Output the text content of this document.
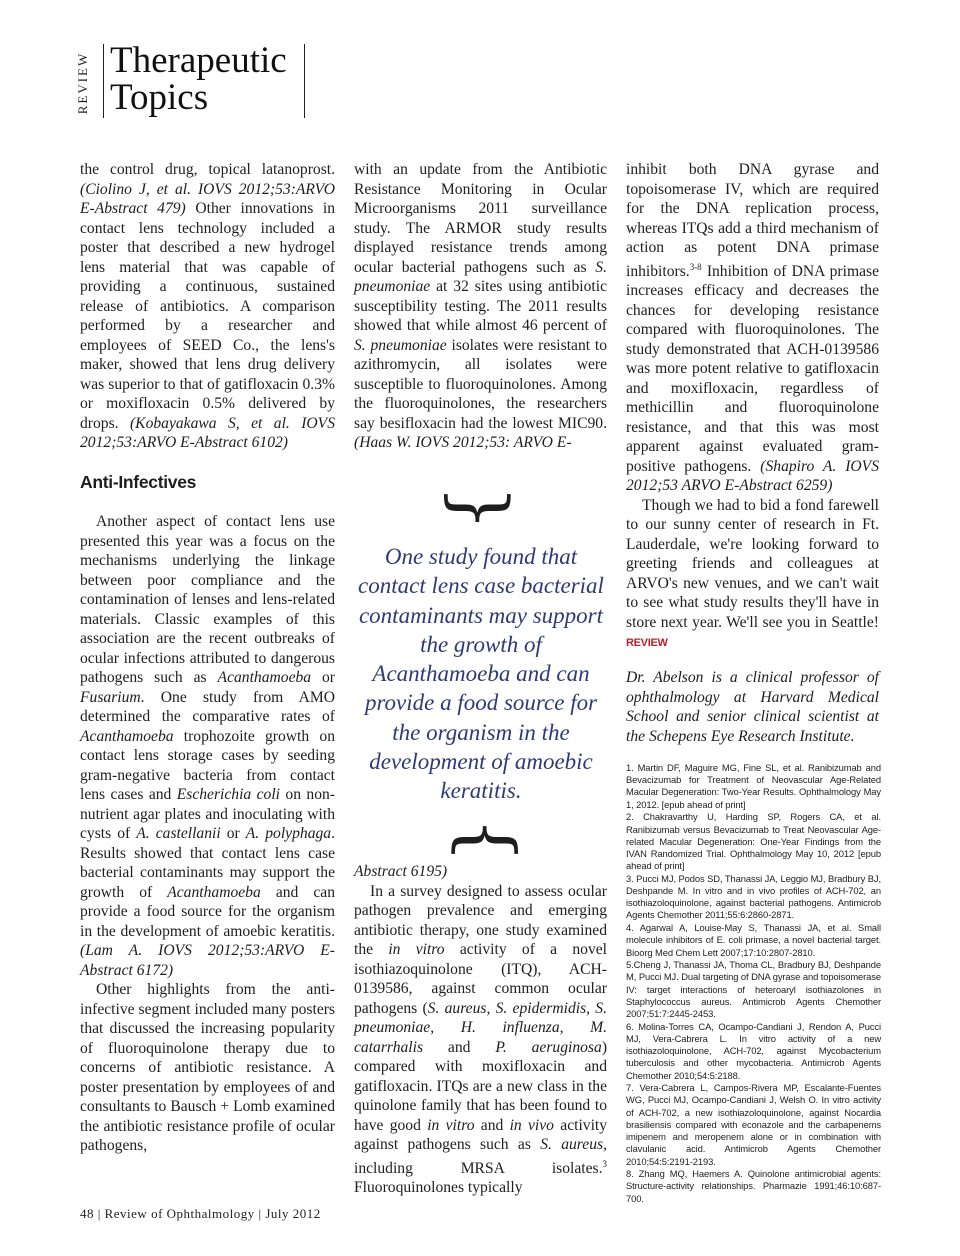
REVIEW Therapeutic
Topics

the control drug, topical latanoprost. (Ciolino J, et al. IOVS 2012;53:ARVO E-Abstract 479) Other innovations in contact lens technology included a poster that described a new hydrogel lens material that was capable of providing a continuous, sustained release of antibiotics. A comparison performed by a researcher and employees of SEED Co., the lens's maker, showed that lens drug delivery was superior to that of gatifloxacin 0.3% or moxifloxacin 0.5% delivered by drops. (Kobayakawa S, et al. IOVS 2012;53:ARVO E-Abstract 6102)

Anti-Infectives

Another aspect of contact lens use presented this year was a focus on the mechanisms underlying the linkage between poor compliance and the contamination of lenses and lens-related materials. Classic examples of this association are the recent outbreaks of ocular infections attributed to dangerous pathogens such as Acanthamoeba or Fusarium. One study from AMO determined the comparative rates of Acanthamoeba trophozoite growth on contact lens storage cases by seeding gram-negative bacteria from contact lens cases and Escherichia coli on non-nutrient agar plates and inoculating with cysts of A. castellanii or A. polyphaga. Results showed that contact lens case bacterial contaminants may support the growth of Acanthamoeba and can provide a food source for the organism in the development of amoebic keratitis. (Lam A. IOVS 2012;53:ARVO E-Abstract 6172)

Other highlights from the anti-infective segment included many posters that discussed the increasing popularity of fluoroquinolone therapy due to concerns of antibiotic resistance. A poster presentation by employees of and consultants to Bausch + Lomb examined the antibiotic resistance profile of ocular pathogens,

with an update from the Antibiotic Resistance Monitoring in Ocular Microorganisms 2011 surveillance study. The ARMOR study results displayed resistance trends among ocular bacterial pathogens such as S. pneumoniae at 32 sites using antibiotic susceptibility testing. The 2011 results showed that while almost 46 percent of S. pneumoniae isolates were resistant to azithromycin, all isolates were susceptible to fluoroquinolones. Among the fluoroquinolones, the researchers say besifloxacin had the lowest MIC90. (Haas W. IOVS 2012;53: ARVO E-

}
One study found that contact lens case bacterial contaminants may support the growth of Acanthamoeba and can provide a food source for the organism in the development of amoebic keratitis.
}

Abstract 6195)

In a survey designed to assess ocular pathogen prevalence and emerging antibiotic therapy, one study examined the in vitro activity of a novel isothiazoquinolone (ITQ), ACH-0139586, against common ocular pathogens (S. aureus, S. epidermidis, S. pneumoniae, H. influenza, M. catarrhalis and P. aeruginosa) compared with moxifloxacin and gatifloxacin. ITQs are a new class in the quinolone family that has been found to have good in vitro and in vivo activity against pathogens such as S. aureus, including MRSA isolates.$^3$ Fluoroquinolones typically

inhibit both DNA gyrase and topoisomerase IV, which are required for the DNA replication process, whereas ITQs add a third mechanism of action as potent DNA primase inhibitors.$^{3-8}$ Inhibition of DNA primase increases efficacy and decreases the chances for developing resistance compared with fluoroquinolones. The study demonstrated that ACH-0139586 was more potent relative to gatifloxacin and moxifloxacin, regardless of methicillin and fluoroquinolone resistance, and that this was most apparent against evaluated gram-positive pathogens. (Shapiro A. IOVS 2012;53 ARVO E-Abstract 6259)

Though we had to bid a fond farewell to our sunny center of research in Ft. Lauderdale, we're looking forward to greeting friends and colleagues at ARVO's new venues, and we can't wait to see what study results they'll have in store next year. We'll see you in Seattle! REVIEW

Dr. Abelson is a clinical professor of ophthalmology at Harvard Medical School and senior clinical scientist at the Schepens Eye Research Institute.
1. Martin DF, Maguire MG, Fine SL, et al. Ranibizumab and Bevacizumab for Treatment of Neovascular Age-Related Macular Degeneration: Two-Year Results. Ophthalmology May 1, 2012. [epub ahead of print]
2. Chakravarthy U, Harding SP, Rogers CA, et al. Ranibizumab versus Bevacizumab to Treat Neovascular Age-related Macular Degeneration: One-Year Findings from the IVAN Randomized Trial. Ophthalmology May 10, 2012 [epub ahead of print]
3. Pucci MJ, Podos SD, Thanassi JA, Leggio MJ, Bradbury BJ, Deshpande M. In vitro and in vivo profiles of ACH-702, an isothiazoloquinolone, against bacterial pathogens. Antimicrob Agents Chemother 2011;55:6:2860-2871.
4. Agarwal A, Louise-May S, Thanassi JA, et al. Small molecule inhibitors of E. coli primase, a novel bacterial target. Bioorg Med Chem Lett 2007;17:10:2807-2810.
5.Cheng J, Thanassi JA, Thoma CL, Bradbury BJ, Deshpande M, Pucci MJ. Dual targeting of DNA gyrase and topoisomerase IV: target interactions of heteroaryl isothiazolones in Staphylococcus aureus. Antimicrob Agents Chemother 2007;51:7:2445-2453.
6. Molina-Torres CA, Ocampo-Candiani J, Rendon A, Pucci MJ, Vera-Cabrera L. In vitro activity of a new isothiazoloquinolone, ACH-702, against Mycobacterium tuberculosis and other mycobacteria. Antimicrob Agents Chemother 2010;54:5:2188.
7. Vera-Cabrera L, Campos-Rivera MP, Escalante-Fuentes WG, Pucci MJ, Ocampo-Candiani J, Welsh O. In vitro activity of ACH-702, a new isothiazoloquinolone, against Nocardia brasiliensis compared with econazole and the carbapenems imipenem and meropenem alone or in combination with clavulanic acid. Antimicrob Agents Chemother 2010;54:5:2191-2193.
8. Zhang MQ, Haemers A. Quinolone antimicrobial agents: Structure-activity relationships. Pharmazie 1991;46:10:687-700.
48 | Review of Ophthalmology | July 2012
